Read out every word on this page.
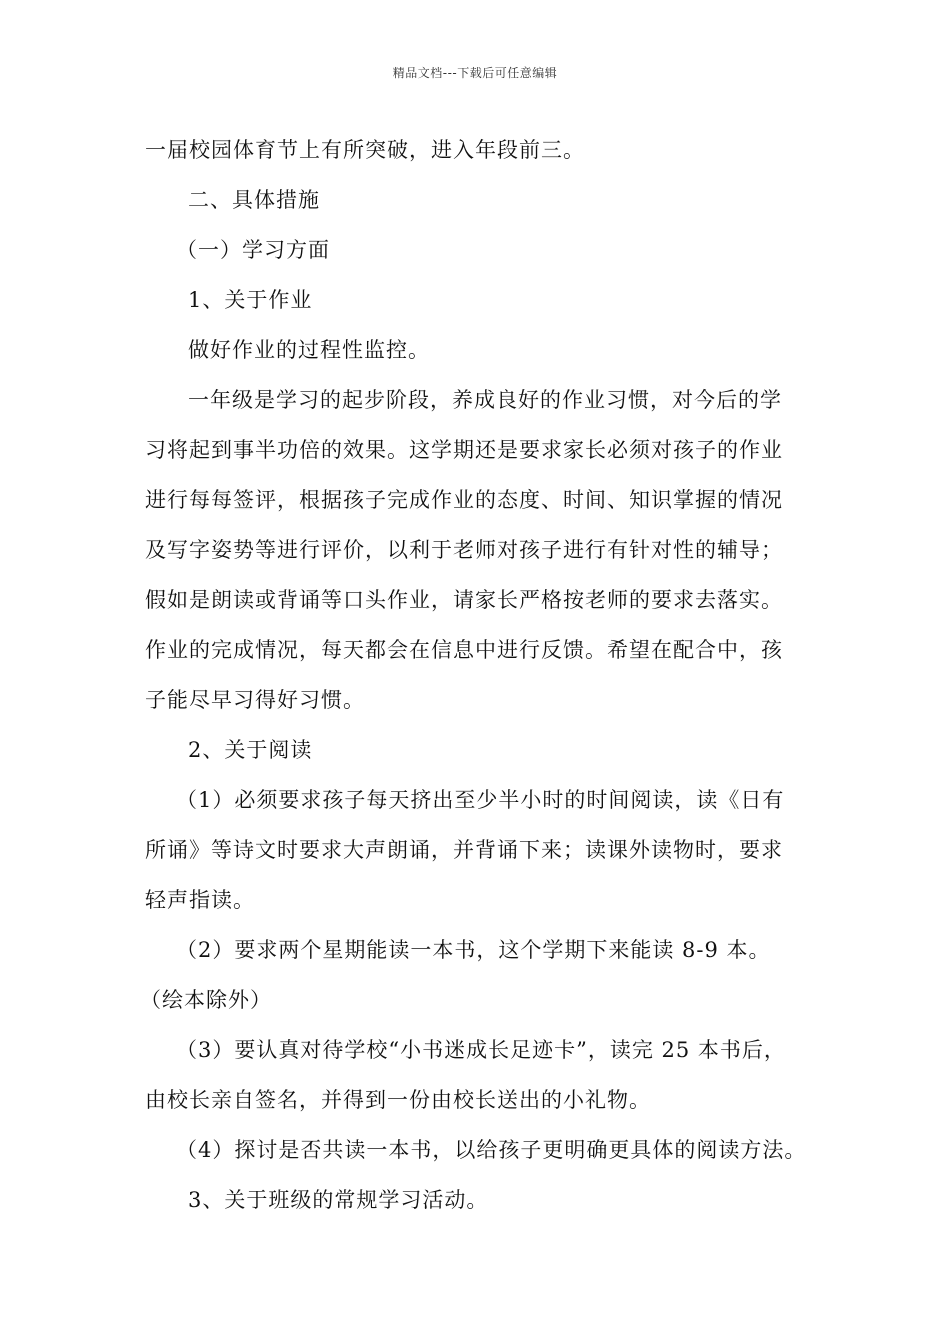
精品文档---下载后可任意编辑
一届校园体育节上有所突破，进入年段前三。
二、具体措施
（一）学习方面
1、关于作业
做好作业的过程性监控。
一年级是学习的起步阶段，养成良好的作业习惯，对今后的学
习将起到事半功倍的效果。这学期还是要求家长必须对孩子的作业
进行每每签评，根据孩子完成作业的态度、时间、知识掌握的情况
及写字姿势等进行评价，以利于老师对孩子进行有针对性的辅导；
假如是朗读或背诵等口头作业，请家长严格按老师的要求去落实。
作业的完成情况，每天都会在信息中进行反馈。希望在配合中，孩
子能尽早习得好习惯。
2、关于阅读
（1）必须要求孩子每天挤出至少半小时的时间阅读，读《日有
所诵》等诗文时要求大声朗诵，并背诵下来；读课外读物时，要求
轻声指读。
（2）要求两个星期能读一本书，这个学期下来能读 8-9 本。
（绘本除外）
（3）要认真对待学校“小书迷成长足迹卡”，读完 25 本书后，
由校长亲自签名，并得到一份由校长送出的小礼物。
（4）探讨是否共读一本书，以给孩子更明确更具体的阅读方法。
3、关于班级的常规学习活动。
